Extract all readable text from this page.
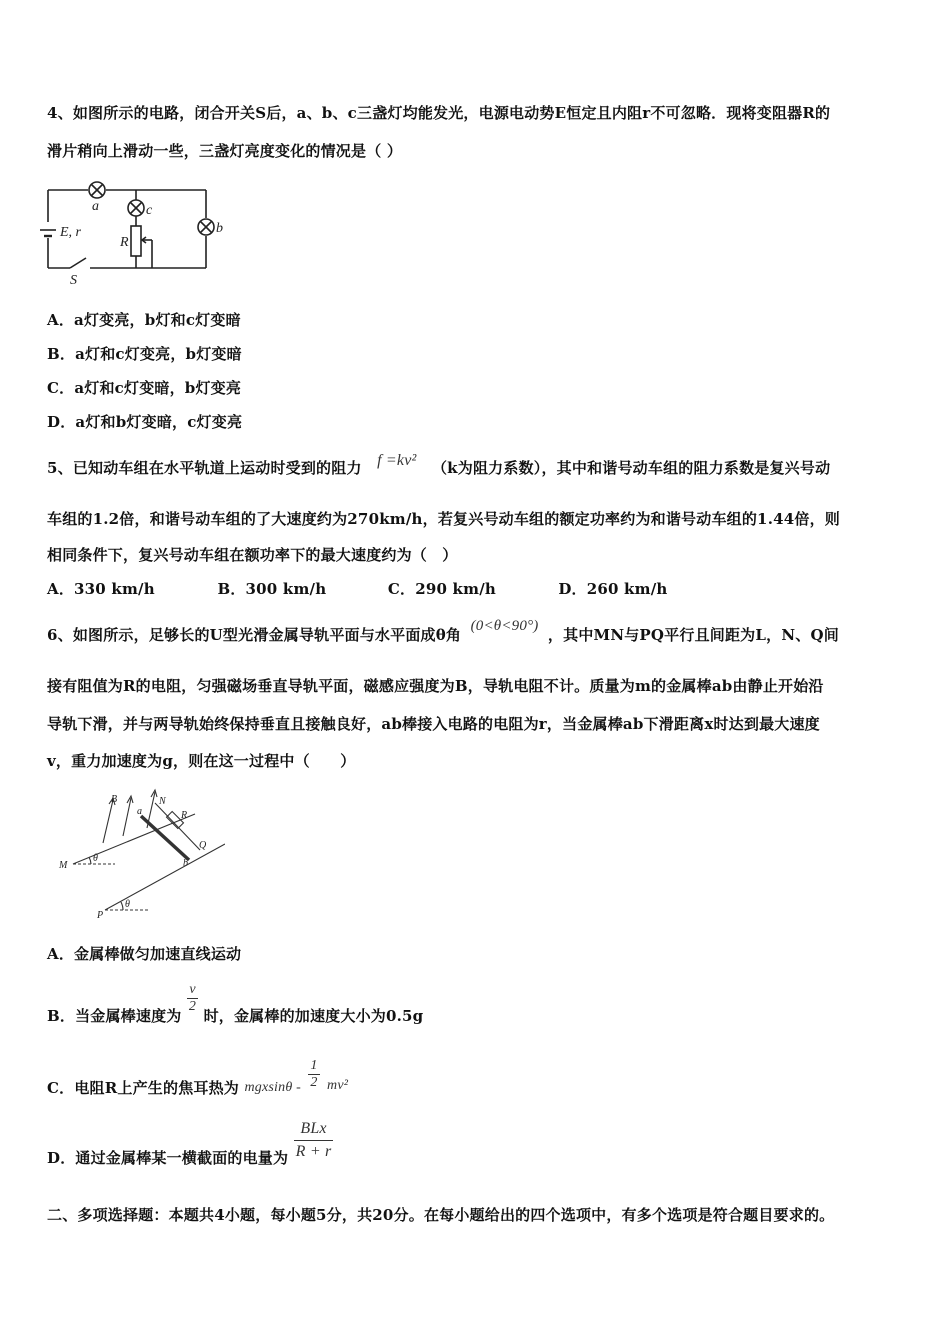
4、如图所示的电路，闭合开关S后，a、b、c三盏灯均能发光，电源电动势E恒定且内阻r不可忽略．现将变阻器R的
滑片稍向上滑动一些，三盏灯亮度变化的情况是（ ）
a	c
b
E, r
R
S
A．a灯变亮，b灯和c灯变暗
B．a灯和c灯变亮，b灯变暗
C．a灯和c灯变暗，b灯变亮
D．a灯和b灯变暗，c灯变亮
5、已知动车组在水平轨道上运动时受到的阻力 f =kv² （k为阻力系数），其中和谐号动车组的阻力系数是复兴号动
车组的1.2倍，和谐号动车组的了大速度约为270km/h，若复兴号动车组的额定功率约为和谐号动车组的1.44倍，则
相同条件下，复兴号动车组在额功率下的最大速度约为（　）
A．330 km/h	B．300 km/h	C．290 km/h	D．260 km/h
6、如图所示，足够长的U型光滑金属导轨平面与水平面成θ角 (0<θ<90°) ，其中MN与PQ平行且间距为L，N、Q间
接有阻值为R的电阻，匀强磁场垂直导轨平面，磁感应强度为B，导轨电阻不计。质量为m的金属棒ab由静止开始沿
导轨下滑，并与两导轨始终保持垂直且接触良好，ab棒接入电路的电阻为r，当金属棒ab下滑距离x时达到最大速度
v，重力加速度为g，则在这一过程中（　　）
B
a
N
R
Q
M	b
P
θ
θ
A．金属棒做匀加速直线运动
B．当金属棒速度为
$\frac{v}{2}$
时，金属棒的加速度大小为0.5g
C．电阻R上产生的焦耳热为 mgxsinθ - $\frac{1}{2} mv^2$
D．通过金属棒某一横截面的电量为 $\frac{\text{BLx}}{R + r}$
二、多项选择题：本题共4小题，每小题5分，共20分。在每小题给出的四个选项中，有多个选项是符合题目要求的。
